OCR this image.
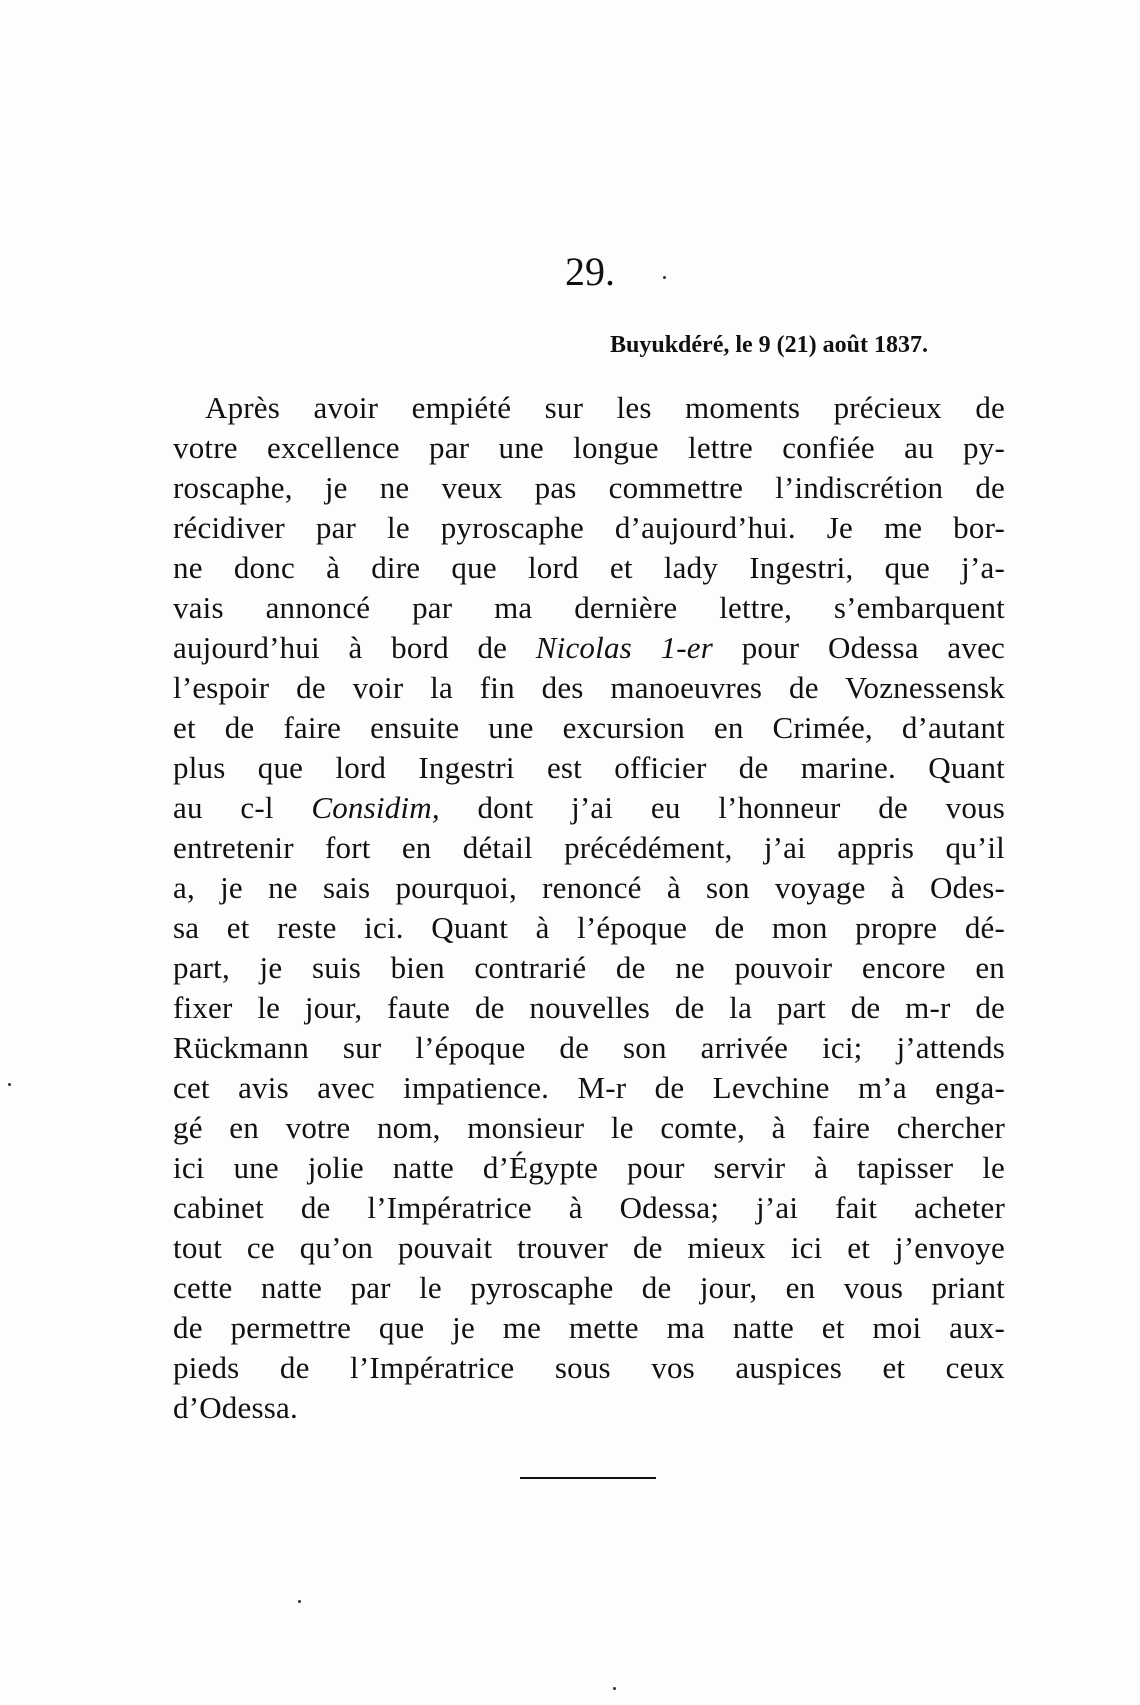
29.
Buyukdéré, le 9 (21) août 1837.
Après avoir empiété sur les moments précieux de
votre excellence par une longue lettre confiée au py-
roscaphe, je ne veux pas commettre l’indiscrétion de
récidiver par le pyroscaphe d’aujourd’hui. Je me bor-
ne donc à dire que lord et lady Ingestri, que j’a-
vais annoncé par ma dernière lettre, s’embarquent
aujourd’hui à bord de Nicolas 1-er pour Odessa avec
l’espoir de voir la fin des manoeuvres de Voznessensk
et de faire ensuite une excursion en Crimée, d’autant
plus que lord Ingestri est officier de marine. Quant
au c-l Considim, dont j’ai eu l’honneur de vous
entretenir fort en détail précédément, j’ai appris qu’il
a, je ne sais pourquoi, renoncé à son voyage à Odes-
sa et reste ici. Quant à l’époque de mon propre dé-
part, je suis bien contrarié de ne pouvoir encore en
fixer le jour, faute de nouvelles de la part de m-r de
Rückmann sur l’époque de son arrivée ici; j’attends
cet avis avec impatience. M-r de Levchine m’a enga-
gé en votre nom, monsieur le comte, à faire chercher
ici une jolie natte d’Égypte pour servir à tapisser le
cabinet de l’Impératrice à Odessa; j’ai fait acheter
tout ce qu’on pouvait trouver de mieux ici et j’envoye
cette natte par le pyroscaphe de jour, en vous priant
de permettre que je me mette ma natte et moi aux-
pieds de l’Impératrice sous vos auspices et ceux
d’Odessa.
